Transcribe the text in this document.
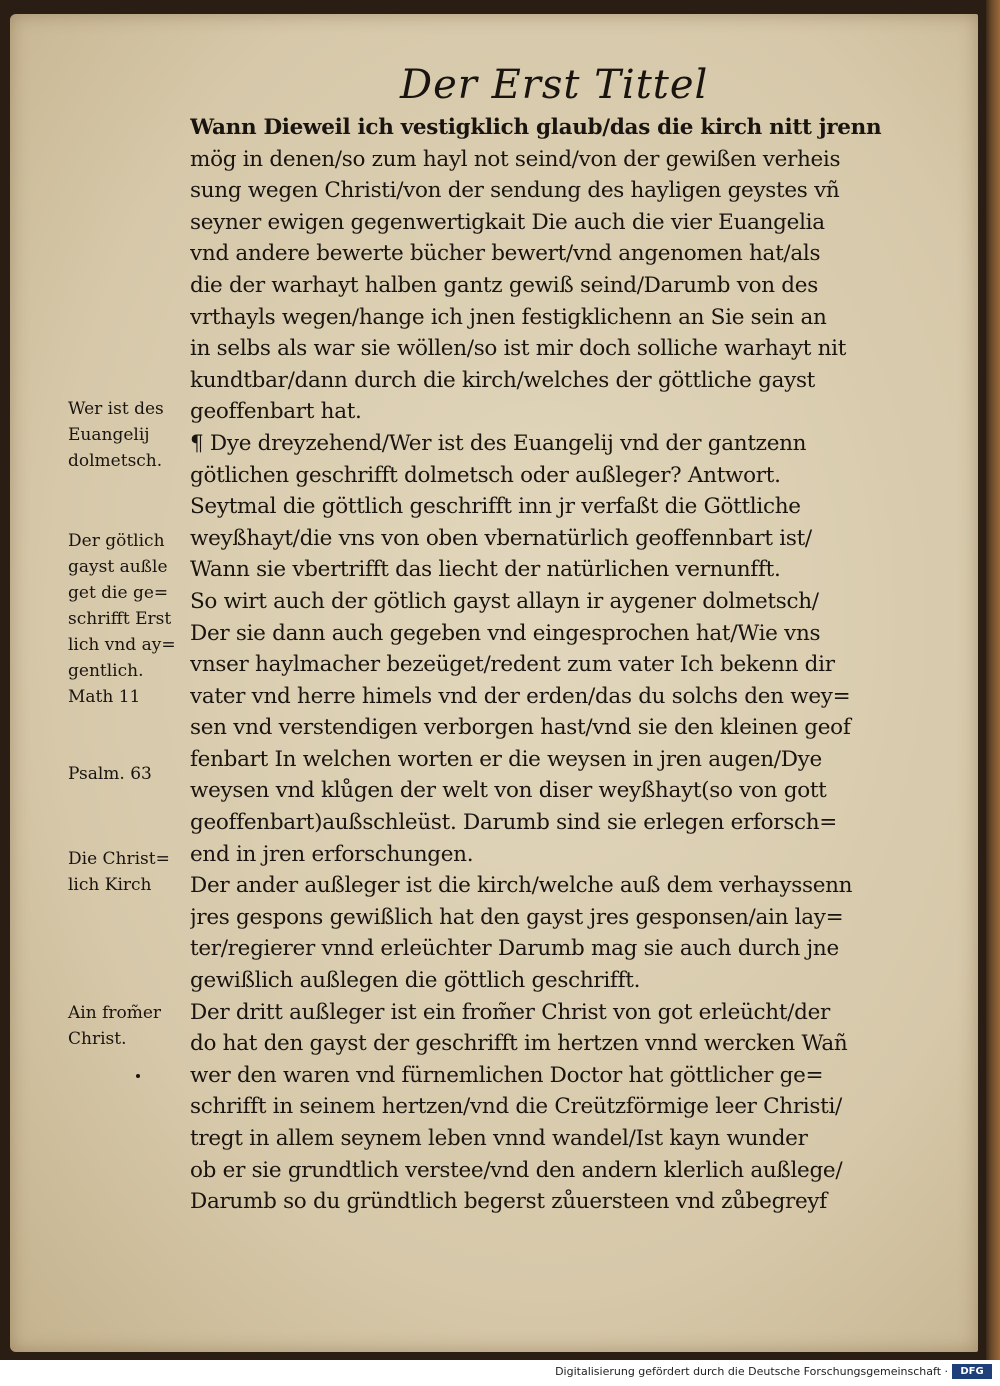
Der Erst Tittel
Wann Dieweil ich vestigklich glaub/das die kirch nitt jrenn
mög in denen/so zum hayl not seind/von der gewißen verheis
sung wegen Christi/von der sendung des hayligen geystes vñ
seyner ewigen gegenwertigkait Die auch die vier Euangelia
vnd andere bewerte bücher bewert/vnd angenomen hat/als
die der warhayt halben gantz gewiß seind/Darumb von des
vrthayls wegen/hange ich jnen festigklichenn an Sie sein an
in selbs als war sie wöllen/so ist mir doch solliche warhayt nit
kundtbar/dann durch die kirch/welches der göttliche gayst
geoffenbart hat.
¶ Dye dreyzehend/Wer ist des Euangelij vnd der gantzenn
götlichen geschrifft dolmetsch oder außleger? Antwort.
Seytmal die göttlich geschrifft inn jr verfaßt die Göttliche
weyßhayt/die vns von oben vbernatürlich geoffennbart ist/
Wann sie vbertrifft das liecht der natürlichen vernunfft.
So wirt auch der götlich gayst allayn ir aygener dolmetsch/
Der sie dann auch gegeben vnd eingesprochen hat/Wie vns
vnser haylmacher bezeüget/redent zum vater Ich bekenn dir
vater vnd herre himels vnd der erden/das du solchs den wey=
sen vnd verstendigen verborgen hast/vnd sie den kleinen geof
fenbart In welchen worten er die weysen in jren augen/Dye
weysen vnd klůgen der welt von diser weyßhayt(so von gott
geoffenbart)außschleüst. Darumb sind sie erlegen erforsch=
end in jren erforschungen.
Der ander außleger ist die kirch/welche auß dem verhayssenn
jres gespons gewißlich hat den gayst jres gesponsen/ain lay=
ter/regierer vnnd erleüchter Darumb mag sie auch durch jne
gewißlich außlegen die göttlich geschrifft.
Der dritt außleger ist ein from̃er Christ von got erleücht/der
do hat den gayst der geschrifft im hertzen vnnd wercken Wañ
wer den waren vnd fürnemlichen Doctor hat göttlicher ge=
schrifft in seinem hertzen/vnd die Creützförmige leer Christi/
tregt in allem seynem leben vnnd wandel/Ist kayn wunder
ob er sie grundtlich verstee/vnd den andern klerlich außlege/
Darumb so du gründtlich begerst zůuersteen vnd zůbegreyf
Wer ist des
Euangelij
dolmetsch.
Der götlich
gayst außle
get die ge=
schrifft Erst
lich vnd ay=
gentlich.
Math 11
Psalm. 63
Die Christ=
lich Kirch
Ain from̃er
Christ.
Digitalisierung gefördert durch die Deutsche Forschungsgemeinschaft ·	DFG
